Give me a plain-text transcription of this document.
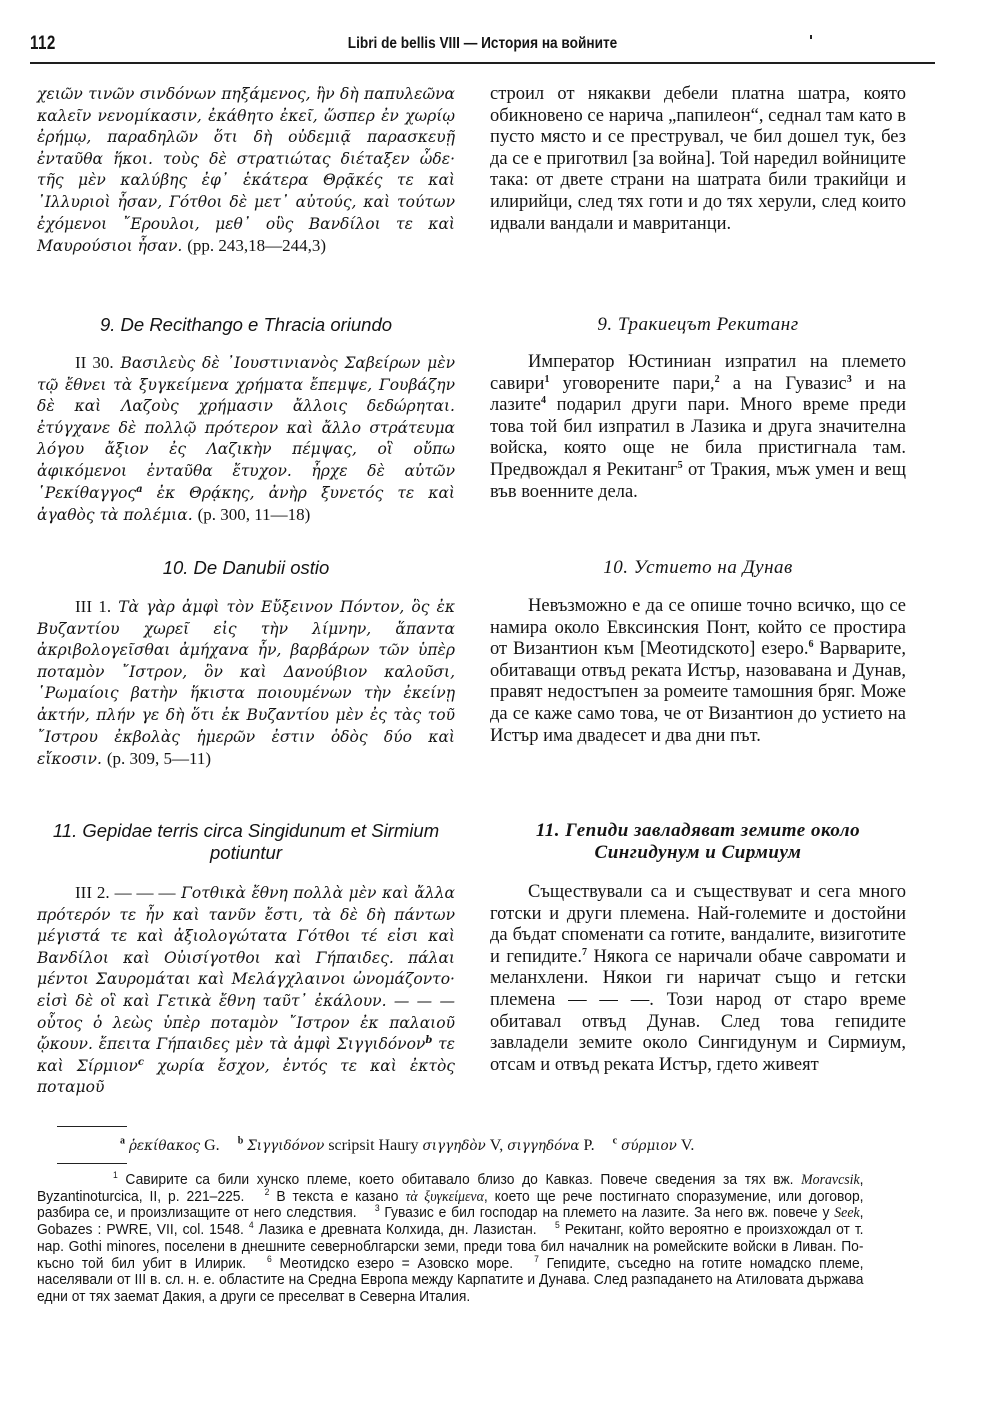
112	Libri de bellis VIII — История на войните
χειῶν τινῶν σινδόνων πηξάμενος, ἣν δὴ παπυλεῶνα καλεῖν νενομίκασιν, ἐκάθητο ἐκεῖ, ὥσπερ ἐν χωρίῳ ἐρήμῳ, παραδηλῶν ὅτι δὴ οὐδεμιᾷ παρασκευῇ ἐνταῦθα ἥκοι. τοὺς δὲ στρατιώτας διέταξεν ὧδε· τῆς μὲν καλύβης ἐφ᾽ ἑκάτερα Θρᾷκές τε καὶ ᾽Ιλλυριοὶ ἦσαν, Γότθοι δὲ μετ᾽ αὐτούς, καὶ τούτων ἐχόμενοι ῎Ερουλοι, μεθ᾽ οὓς Βανδίλοι τε καὶ Μαυρούσιοι ἦσαν. (pp. 243,18—244,3)
строил от някакви дебели платна шатра, която обикновено се нарича „папилеон“, седнал там като в пусто място и се преструвал, че бил дошел тук, без да се е приготвил [за война]. Той наредил войниците така: от двете страни на шатрата били тракийци и илирийци, след тях готи и до тях херули, след които идвали вандали и мавританци.
9. De Recithango e Thracia oriundo	9. Тракиецът Рекитанг
II 30. Βασιλεὺς δὲ ᾽Ιουστινιανὸς Σαβείρων μὲν τῷ ἔθνει τὰ ξυγκείμενα χρήματα ἔπεμψε, Γουβάζην δὲ καὶ Λαζοὺς χρήμασιν ἄλλοις δεδώρηται. ἐτύγχανε δὲ πολλῷ πρότερον καὶ ἄλλο στράτευμα λόγου ἄξιον ἐς Λαζικὴν πέμψας, οἳ οὔπω ἀφικόμενοι ἐνταῦθα ἔτυχον. ἦρχε δὲ αὐτῶν ῾Ρεκίθαγγος$^a$ ἐκ Θρᾴκης, ἀνὴρ ξυνετός τε καὶ ἀγαθὸς τὰ πολέμια. (p. 300, 11—18)
Император Юстиниан изпратил на племето савири$^1$ уговорените пари,$^2$ а на Гувазис$^3$ и на лазите$^4$ подарил други пари. Много време преди това той бил изпратил в Лазика и друга значителна войска, която още не била пристигнала там. Предвождал я Рекитанг$^5$ от Тракия, мъж умен и вещ във военните дела.
10. De Danubii ostio	10. Устието на Дунав
III 1. Τὰ γὰρ ἀμφὶ τὸν Εὔξεινον Πόντον, ὃς ἐκ Βυζαντίου χωρεῖ εἰς τὴν λίμνην, ἅπαντα ἀκριβολογεῖσθαι ἀμήχανα ἦν, βαρβάρων τῶν ὑπὲρ ποταμὸν ῎Ιστρον, ὃν καὶ Δανούβιον καλοῦσι, ῾Ρωμαίοις βατὴν ἥκιστα ποιουμένων τὴν ἐκείνῃ ἀκτήν, πλήν γε δὴ ὅτι ἐκ Βυζαντίου μὲν ἐς τὰς τοῦ ῎Ιστρου ἐκβολὰς ἡμερῶν ἐστιν ὁδὸς δύο καὶ εἴκοσιν. (p. 309, 5—11)
Невъзможно е да се опише точно всичко, що се намира около Евксинския Понт, който се простира от Византион към [Меотидското] езеро.$^6$ Варварите, обитаващи отвъд реката Истър, назовавана и Дунав, правят недостъпен за ромеите тамошния бряг. Може да се каже само това, че от Византион до устието на Истър има двадесет и два дни път.
11. Gepidae terris circa Singidunum et Sirmium potiuntur
11. Гепиди завладяват земите около Сингидунум и Сирмиум
III 2. — — — Γοτθικὰ ἔθνη πολλὰ μὲν καὶ ἄλλα πρότερόν τε ἦν καὶ τανῦν ἔστι, τὰ δὲ δὴ πάντων μέγιστά τε καὶ ἀξιολογώτατα Γότθοι τέ εἰσι καὶ Βανδίλοι καὶ Οὐισίγοτθοι καὶ Γήπαιδες. πάλαι μέντοι Σαυρομάται καὶ Μελάγχλαινοι ὠνομάζοντο· εἰσὶ δὲ οἳ καὶ Γετικὰ ἔθνη ταῦτ᾽ ἐκάλουν. — — — οὗτος ὁ λεὼς ὑπὲρ ποταμὸν ῎Ιστρον ἐκ παλαιοῦ ᾤκουν. ἔπειτα Γήπαιδες μὲν τὰ ἀμφὶ Σιγγιδόνον$^b$ τε καὶ Σίρμιον$^c$ χωρία ἔσχον, ἐντός τε καὶ ἐκτὸς ποταμοῦ
Съществували са и съществуват и сега много готски и други племена. Най-големите и достойни да бъдат споменати са готите, вандалите, визиготите и гепидите.$^7$ Някога се наричали обаче савромати и меланхлени. Някои ги наричат също и гетски племена — — —. Този народ от старо време обитавал отвъд Дунав. След това гепидите завладели земите около Сингидунум и Сирмиум, отсам и отвъд реката Истър, гдето живеят
$^a$ ῥεκίθακος G. $^b$ Σιγγιδόνον scripsit Haury σιγγηδὸν V, σιγγηδόνα P. $^c$ σύρμιον V.
$^1$ Савирите са били хунско племе, което обитавало близо до Кавказ. Повече сведения за тях вж. Moravcsik, Byzantinoturcica, II, p. 221–225. $^2$ В текста е казано τὰ ξυγκείμενα, което ще рече постигнато споразумение, или договор, разбира се, и произлизащите от него следствия. $^3$ Гувазис е бил господар на племето на лазите. За него вж. повече у Seek, Gobazes : PWRE, VII, col. 1548. $^4$ Лазика е древната Колхида, дн. Лазистан. $^5$ Рекитанг, който вероятно е произхождал от т. нар. Gothi minores, поселени в днешните северноблгарски земи, преди това бил началник на ромейските войски в Ливан. По-късно той бил убит в Илирик. $^6$ Меотидско езеро = Азовско море. $^7$ Гепидите, съседно на готите номадско племе, населявали от III в. сл. н. е. областите на Средна Европа между Карпатите и Дунава. След разпадането на Атиловата държава едни от тях заемат Дакия, а други се преселват в Северна Италия.
